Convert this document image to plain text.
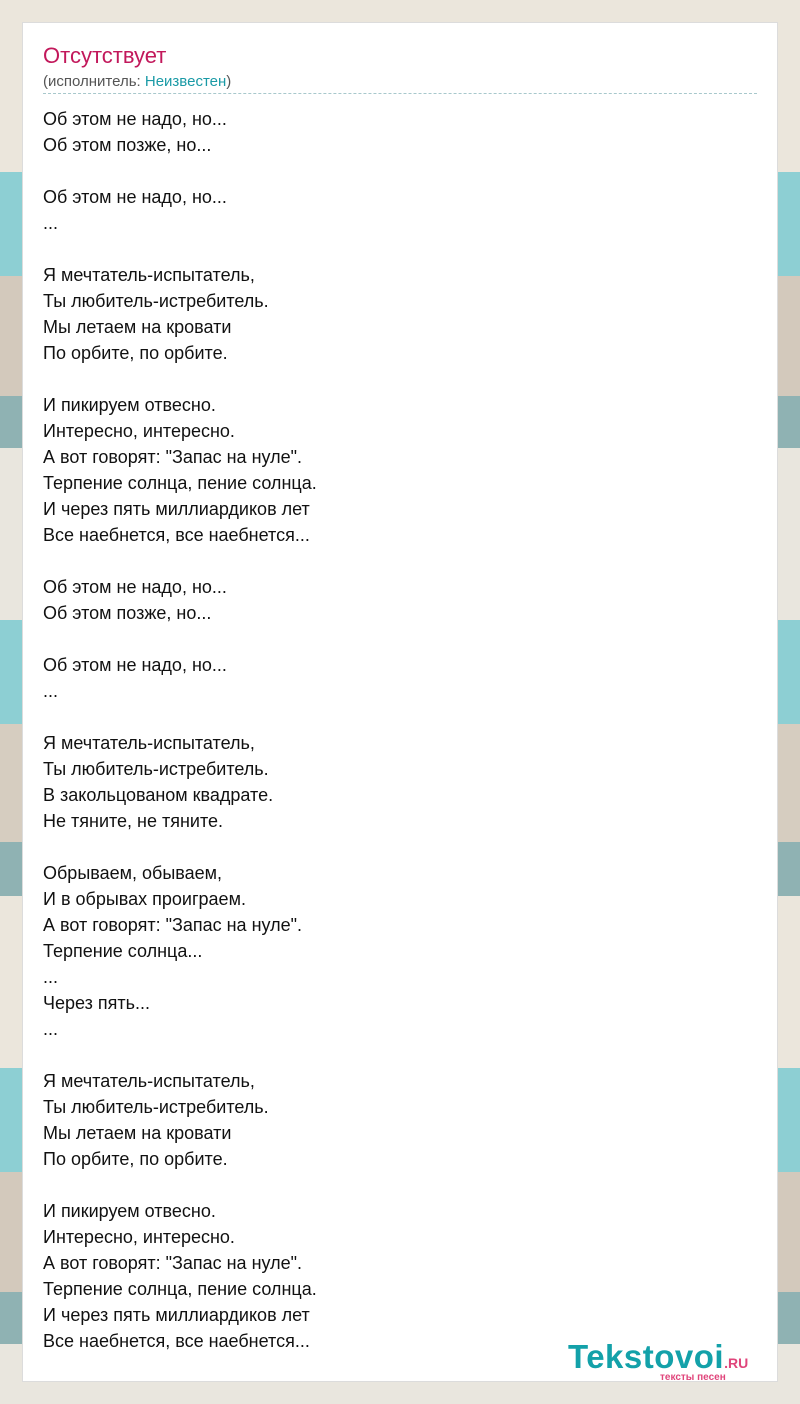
Отсутствует
(исполнитель: Неизвестен)
Об этом не надо, но...
Об этом позже, но...
Об этом не надо, но...
...
Я мечтатель-испытатель,
Ты любитель-истребитель.
Мы летаем на кровати
По орбите, по орбите.
И пикируем отвесно.
Интересно, интересно.
А вот говорят: "Запас на нуле".
Терпение солнца, пение солнца.
И через пять миллиардиков лет
Все наебнется, все наебнется...
Об этом не надо, но...
Об этом позже, но...
Об этом не надо, но...
...
Я мечтатель-испытатель,
Ты любитель-истребитель.
В закольцованом квадрате.
Не тяните, не тяните.
Обрываем, обываем,
И в обрывах проиграем.
А вот говорят: "Запас на нуле".
Терпение солнца...
...
Через пять...
...
Я мечтатель-испытатель,
Ты любитель-истребитель.
Мы летаем на кровати
По орбите, по орбите.
И пикируем отвесно.
Интересно, интересно.
А вот говорят: "Запас на нуле".
Терпение солнца, пение солнца.
И через пять миллиардиков лет
Все наебнется, все наебнется...	Tekstovoi.RU
тексты песен
